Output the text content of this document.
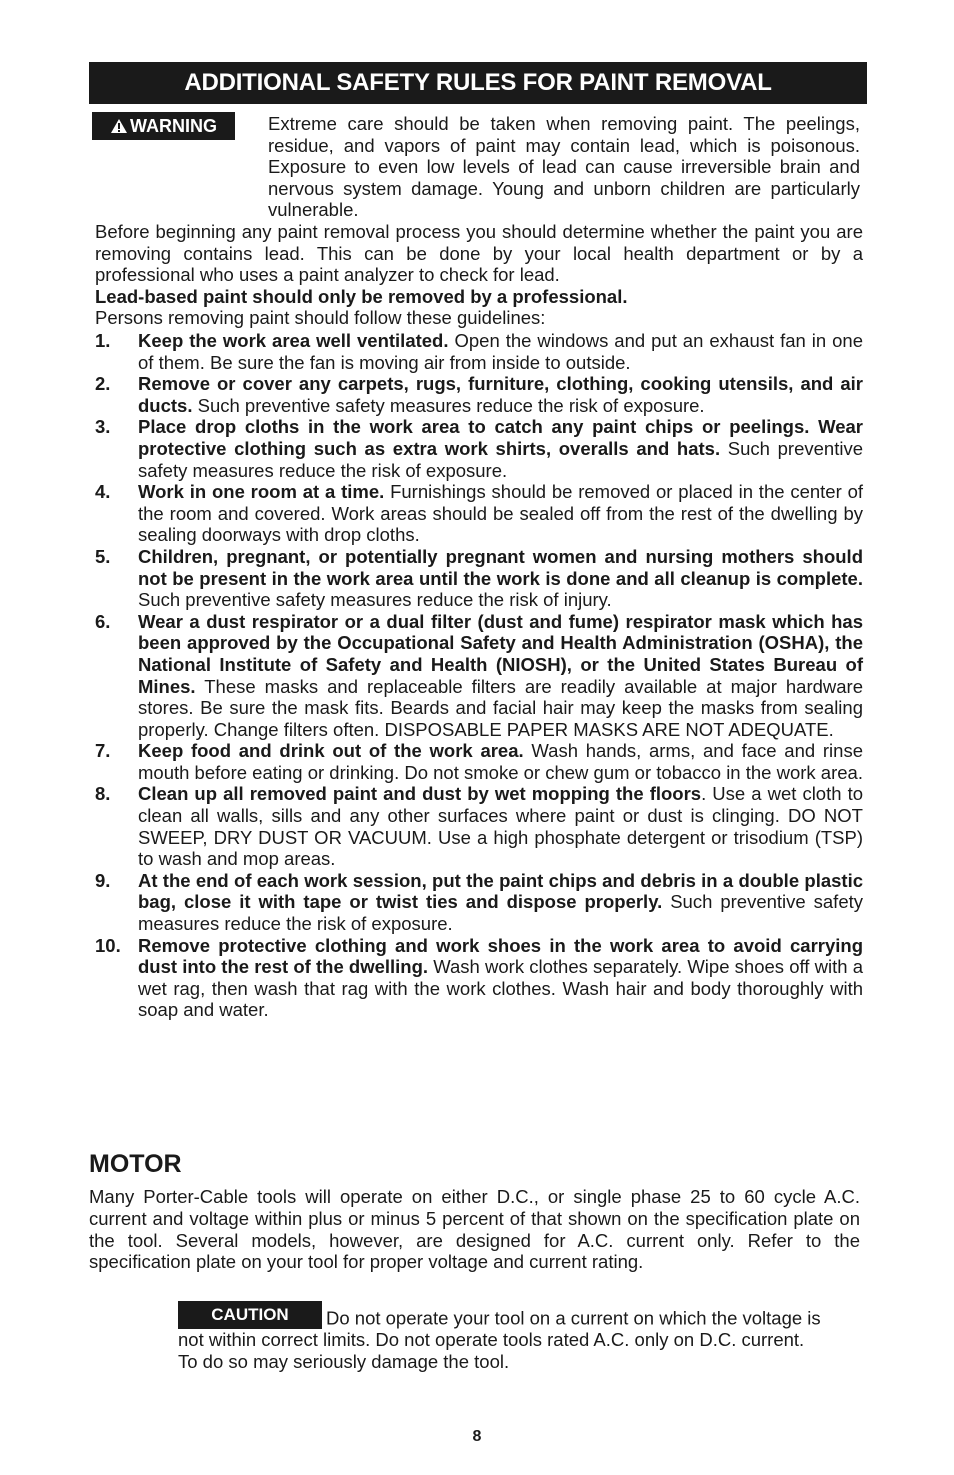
ADDITIONAL SAFETY RULES FOR PAINT REMOVAL
WARNING	Extreme care should be taken when removing paint. The peelings, residue, and vapors of paint may contain lead, which is poisonous. Exposure to even low levels of lead can cause irreversible brain and nervous system damage. Young and unborn children are particularly vulnerable.
Before beginning any paint removal process you should determine whether the paint you are removing contains lead. This can be done by your local health department or by a professional who uses a paint analyzer to check for lead.
Lead-based paint should only be removed by a professional.
Persons removing paint should follow these guidelines:
1. Keep the work area well ventilated. Open the windows and put an exhaust fan in one of them. Be sure the fan is moving air from inside to outside.
2. Remove or cover any carpets, rugs, furniture, clothing, cooking utensils, and air ducts. Such preventive safety measures reduce the risk of exposure.
3. Place drop cloths in the work area to catch any paint chips or peelings. Wear protective clothing such as extra work shirts, overalls and hats. Such preventive safety measures reduce the risk of exposure.
4. Work in one room at a time. Furnishings should be removed or placed in the center of the room and covered. Work areas should be sealed off from the rest of the dwelling by sealing doorways with drop cloths.
5. Children, pregnant, or potentially pregnant women and nursing mothers should not be present in the work area until the work is done and all cleanup is complete. Such preventive safety measures reduce the risk of injury.
6. Wear a dust respirator or a dual filter (dust and fume) respirator mask which has been approved by the Occupational Safety and Health Administration (OSHA), the National Institute of Safety and Health (NIOSH), or the United States Bureau of Mines. These masks and replaceable filters are readily available at major hardware stores. Be sure the mask fits. Beards and facial hair may keep the masks from sealing properly. Change filters often. DISPOSABLE PAPER MASKS ARE NOT ADEQUATE.
7. Keep food and drink out of the work area. Wash hands, arms, and face and rinse mouth before eating or drinking. Do not smoke or chew gum or tobacco in the work area.
8. Clean up all removed paint and dust by wet mopping the floors. Use a wet cloth to clean all walls, sills and any other surfaces where paint or dust is clinging. DO NOT SWEEP, DRY DUST OR VACUUM. Use a high phosphate detergent or trisodium (TSP) to wash and mop areas.
9. At the end of each work session, put the paint chips and debris in a double plastic bag, close it with tape or twist ties and dispose properly. Such preventive safety measures reduce the risk of exposure.
10. Remove protective clothing and work shoes in the work area to avoid carrying dust into the rest of the dwelling. Wash work clothes separately. Wipe shoes off with a wet rag, then wash that rag with the work clothes. Wash hair and body thoroughly with soap and water.
MOTOR
Many Porter-Cable tools will operate on either D.C., or single phase 25 to 60 cycle A.C. current and voltage within plus or minus 5 percent of that shown on the specification plate on the tool. Several models, however, are designed for A.C. current only. Refer to the specification plate on your tool for proper voltage and current rating.
CAUTION Do not operate your tool on a current on which the voltage is not within correct limits. Do not operate tools rated A.C. only on D.C. current. To do so may seriously damage the tool.
8
